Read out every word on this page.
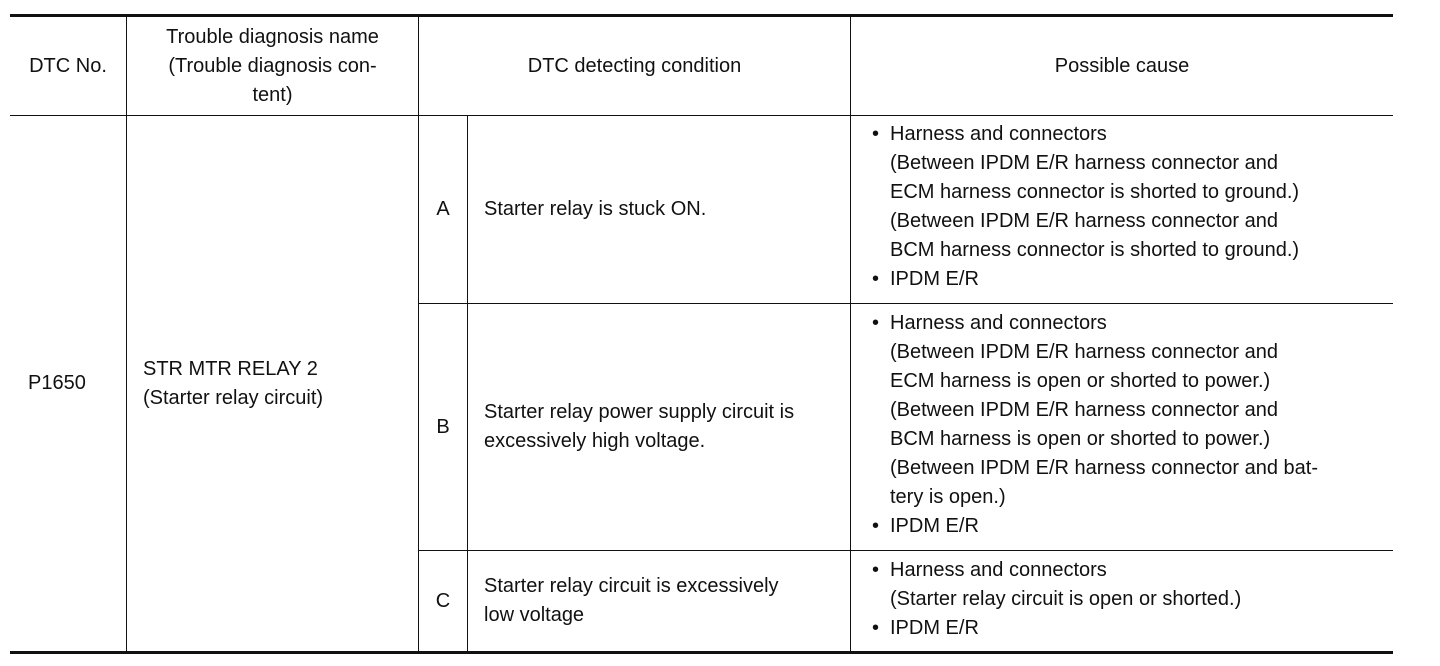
DTC No.
Trouble diagnosis name
(Trouble diagnosis con-
tent)
DTC detecting condition	Possible cause
P1650
STR MTR RELAY 2
(Starter relay circuit)
A Starter relay is stuck ON.
• Harness and connectors
(Between IPDM E/R harness connector and
ECM harness connector is shorted to ground.)
(Between IPDM E/R harness connector and
BCM harness connector is shorted to ground.)
• IPDM E/R
B
Starter relay power supply circuit is
excessively high voltage.
• Harness and connectors
(Between IPDM E/R harness connector and
ECM harness is open or shorted to power.)
(Between IPDM E/R harness connector and
BCM harness is open or shorted to power.)
(Between IPDM E/R harness connector and bat-
tery is open.)
• IPDM E/R
C
Starter relay circuit is excessively
low voltage
• Harness and connectors
(Starter relay circuit is open or shorted.)
• IPDM E/R
